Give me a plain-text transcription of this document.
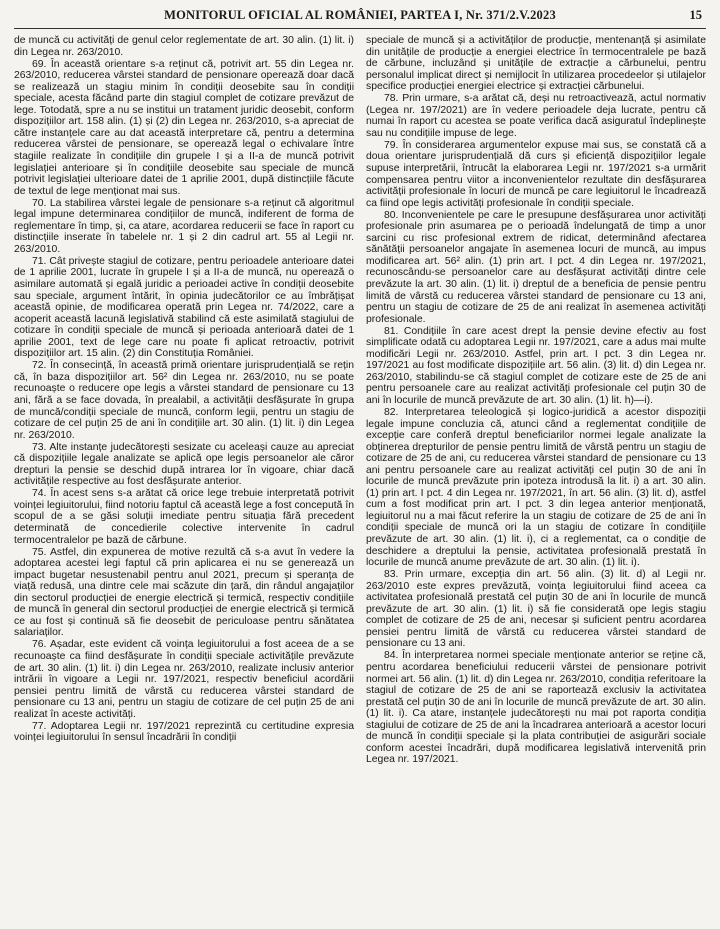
MONITORUL OFICIAL AL ROMÂNIEI, PARTEA I, Nr. 371/2.V.2023	15

de muncă cu activități de genul celor reglementate de art. 30 alin. (1) lit. i) din Legea nr. 263/2010.

69. În această orientare s-a reținut că, potrivit art. 55 din Legea nr. 263/2010, reducerea vârstei standard de pensionare operează doar dacă se realizează un stagiu minim în condiții deosebite sau în condiții speciale, acesta făcând parte din stagiul complet de cotizare prevăzut de lege. Totodată, spre a nu se institui un tratament juridic deosebit, conform dispozițiilor art. 158 alin. (1) și (2) din Legea nr. 263/2010, s-a apreciat de către instanțele care au dat această interpretare că, pentru a determina reducerea vârstei de pensionare, se operează legal o echivalare între stagiile realizate în condițiile din grupele I și a II-a de muncă potrivit legislației anterioare și în condițiile deosebite sau speciale de muncă potrivit legislației ulterioare datei de 1 aprilie 2001, după distincțiile făcute de textul de lege menționat mai sus.

70. La stabilirea vârstei legale de pensionare s-a reținut că algoritmul legal impune determinarea condițiilor de muncă, indiferent de forma de reglementare în timp, și, ca atare, acordarea reducerii se face în raport cu distincțiile inserate în tabelele nr. 1 și 2 din cadrul art. 55 al Legii nr. 263/2010.

71. Cât privește stagiul de cotizare, pentru perioadele anterioare datei de 1 aprilie 2001, lucrate în grupele I și a II-a de muncă, nu operează o asimilare automată și egală juridic a perioadei active în condiții deosebite sau speciale, argument întărit, în opinia judecătorilor ce au îmbrățișat această opinie, de modificarea operată prin Legea nr. 74/2022, care a acoperit această lacună legislativă stabilind că este asimilată stagiului de cotizare în condiții speciale de muncă și perioada anterioară datei de 1 aprilie 2001, text de lege care nu poate fi aplicat retroactiv, potrivit dispozițiilor art. 15 alin. (2) din Constituția României.

72. În consecință, în această primă orientare jurisprudențială se rețin că, în baza dispozițiilor art. 56² din Legea nr. 263/2010, nu se poate recunoaște o reducere ope legis a vârstei standard de pensionare cu 13 ani, fără a se face dovada, în prealabil, a activității desfășurate în grupa de muncă/condiții speciale de muncă, conform legii, pentru un stagiu de cotizare de cel puțin 25 de ani în condițiile art. 30 alin. (1) lit. i) din Legea nr. 263/2010.

73. Alte instanțe judecătorești sesizate cu aceleași cauze au apreciat că dispozițiile legale analizate se aplică ope legis persoanelor ale căror drepturi la pensie se deschid după intrarea lor în vigoare, chiar dacă activitățile respective au fost desfășurate anterior.

74. În acest sens s-a arătat că orice lege trebuie interpretată potrivit voinței legiuitorului, fiind notoriu faptul că această lege a fost concepută în scopul de a se găsi soluții imediate pentru situația fără precedent determinată de concedierile colective intervenite în cadrul termocentralelor pe bază de cărbune.

75. Astfel, din expunerea de motive rezultă că s-a avut în vedere la adoptarea acestei legi faptul că prin aplicarea ei nu se generează un impact bugetar nesustenabil pentru anul 2021, precum și speranța de viață redusă, una dintre cele mai scăzute din țară, din rândul angajaților din sectorul producției de energie electrică și termică, respectiv condițiile de muncă în general din sectorul producției de energie electrică și termică ce au fost și continuă să fie deosebit de periculoase pentru sănătatea salariaților.

76. Așadar, este evident că voința legiuitorului a fost aceea de a se recunoaște ca fiind desfășurate în condiții speciale activitățile prevăzute de art. 30 alin. (1) lit. i) din Legea nr. 263/2010, realizate inclusiv anterior intrării în vigoare a Legii nr. 197/2021, respectiv beneficiul acordării pensiei pentru limită de vârstă cu reducerea vârstei standard de pensionare cu 13 ani, pentru un stagiu de cotizare de cel puțin 25 de ani realizat în aceste activități.

77. Adoptarea Legii nr. 197/2021 reprezintă cu certitudine expresia voinței legiuitorului în sensul încadrării în condiții

speciale de muncă și a activităților de producție, mentenanță și asimilate din unitățile de producție a energiei electrice în termocentralele pe bază de cărbune, incluzând și unitățile de extracție a cărbunelui, pentru personalul implicat direct și nemijlocit în utilizarea procedeelor și utilajelor specifice producției energiei electrice și extracției cărbunelui.

78. Prin urmare, s-a arătat că, deși nu retroactivează, actul normativ (Legea nr. 197/2021) are în vedere perioadele deja lucrate, pentru că numai în raport cu acestea se poate verifica dacă asiguratul îndeplinește sau nu condițiile impuse de lege.

79. În considerarea argumentelor expuse mai sus, se constată că a doua orientare jurisprudențială dă curs și eficiență dispozițiilor legale supuse interpretării, întrucât la elaborarea Legii nr. 197/2021 s-a urmărit compensarea pentru viitor a inconvenientelor rezultate din desfășurarea activității profesionale în locuri de muncă pe care legiuitorul le încadrează ca fiind ope legis activități profesionale în condiții speciale.

80. Inconvenientele pe care le presupune desfășurarea unor activități profesionale prin asumarea pe o perioadă îndelungată de timp a unor sarcini cu risc profesional extrem de ridicat, determinând afectarea sănătății persoanelor angajate în asemenea locuri de muncă, au impus modificarea art. 56² alin. (1) prin art. I pct. 4 din Legea nr. 197/2021, recunoscându-se persoanelor care au desfășurat activități dintre cele prevăzute la art. 30 alin. (1) lit. i) dreptul de a beneficia de pensie pentru limită de vârstă cu reducerea vârstei standard de pensionare cu 13 ani, pentru un stagiu de cotizare de 25 de ani realizat în asemenea activități profesionale.

81. Condițiile în care acest drept la pensie devine efectiv au fost simplificate odată cu adoptarea Legii nr. 197/2021, care a adus mai multe modificări Legii nr. 263/2010. Astfel, prin art. I pct. 3 din Legea nr. 197/2021 au fost modificate dispozițiile art. 56 alin. (3) lit. d) din Legea nr. 263/2010, stabilindu-se că stagiul complet de cotizare este de 25 de ani pentru persoanele care au realizat activități profesionale cel puțin 30 de ani în locurile de muncă prevăzute de art. 30 alin. (1) lit. h)—i).

82. Interpretarea teleologică și logico-juridică a acestor dispoziții legale impune concluzia că, atunci când a reglementat condițiile de excepție care conferă dreptul beneficiarilor normei legale analizate la obținerea drepturilor de pensie pentru limită de vârstă pentru un stagiu de cotizare de 25 de ani, cu reducerea vârstei standard de pensionare cu 13 ani pentru persoanele care au realizat activități cel puțin 30 de ani în locurile de muncă prevăzute prin ipoteza introdusă la lit. i) a art. 30 alin. (1) prin art. I pct. 4 din Legea nr. 197/2021, în art. 56 alin. (3) lit. d), astfel cum a fost modificat prin art. I pct. 3 din legea anterior menționată, legiuitorul nu a mai făcut referire la un stagiu de cotizare de 25 de ani în condiții speciale de muncă ori la un stagiu de cotizare în condițiile prevăzute de art. 30 alin. (1) lit. i), ci a reglementat, ca o condiție de deschidere a dreptului la pensie, activitatea profesională prestată în locurile de muncă anume prevăzute de art. 30 alin. (1) lit. i).

83. Prin urmare, excepția din art. 56 alin. (3) lit. d) al Legii nr. 263/2010 este expres prevăzută, voința legiuitorului fiind aceea ca activitatea profesională prestată cel puțin 30 de ani în locurile de muncă prevăzute de art. 30 alin. (1) lit. i) să fie considerată ope legis stagiu complet de cotizare de 25 de ani, necesar și suficient pentru acordarea pensiei pentru limită de vârstă cu reducerea vârstei standard de pensionare cu 13 ani.

84. În interpretarea normei speciale menționate anterior se reține că, pentru acordarea beneficiului reducerii vârstei de pensionare potrivit normei art. 56 alin. (1) lit. d) din Legea nr. 263/2010, condiția referitoare la stagiul de cotizare de 25 de ani se raportează exclusiv la activitatea prestată cel puțin 30 de ani în locurile de muncă prevăzute de art. 30 alin. (1) lit. i). Ca atare, instanțele judecătorești nu mai pot raporta condiția stagiului de cotizare de 25 de ani la încadrarea anterioară a acestor locuri de muncă în condiții speciale și la plata contribuției de asigurări sociale conform acestei încadrări, după modificarea legislativă intervenită prin Legea nr. 197/2021.
